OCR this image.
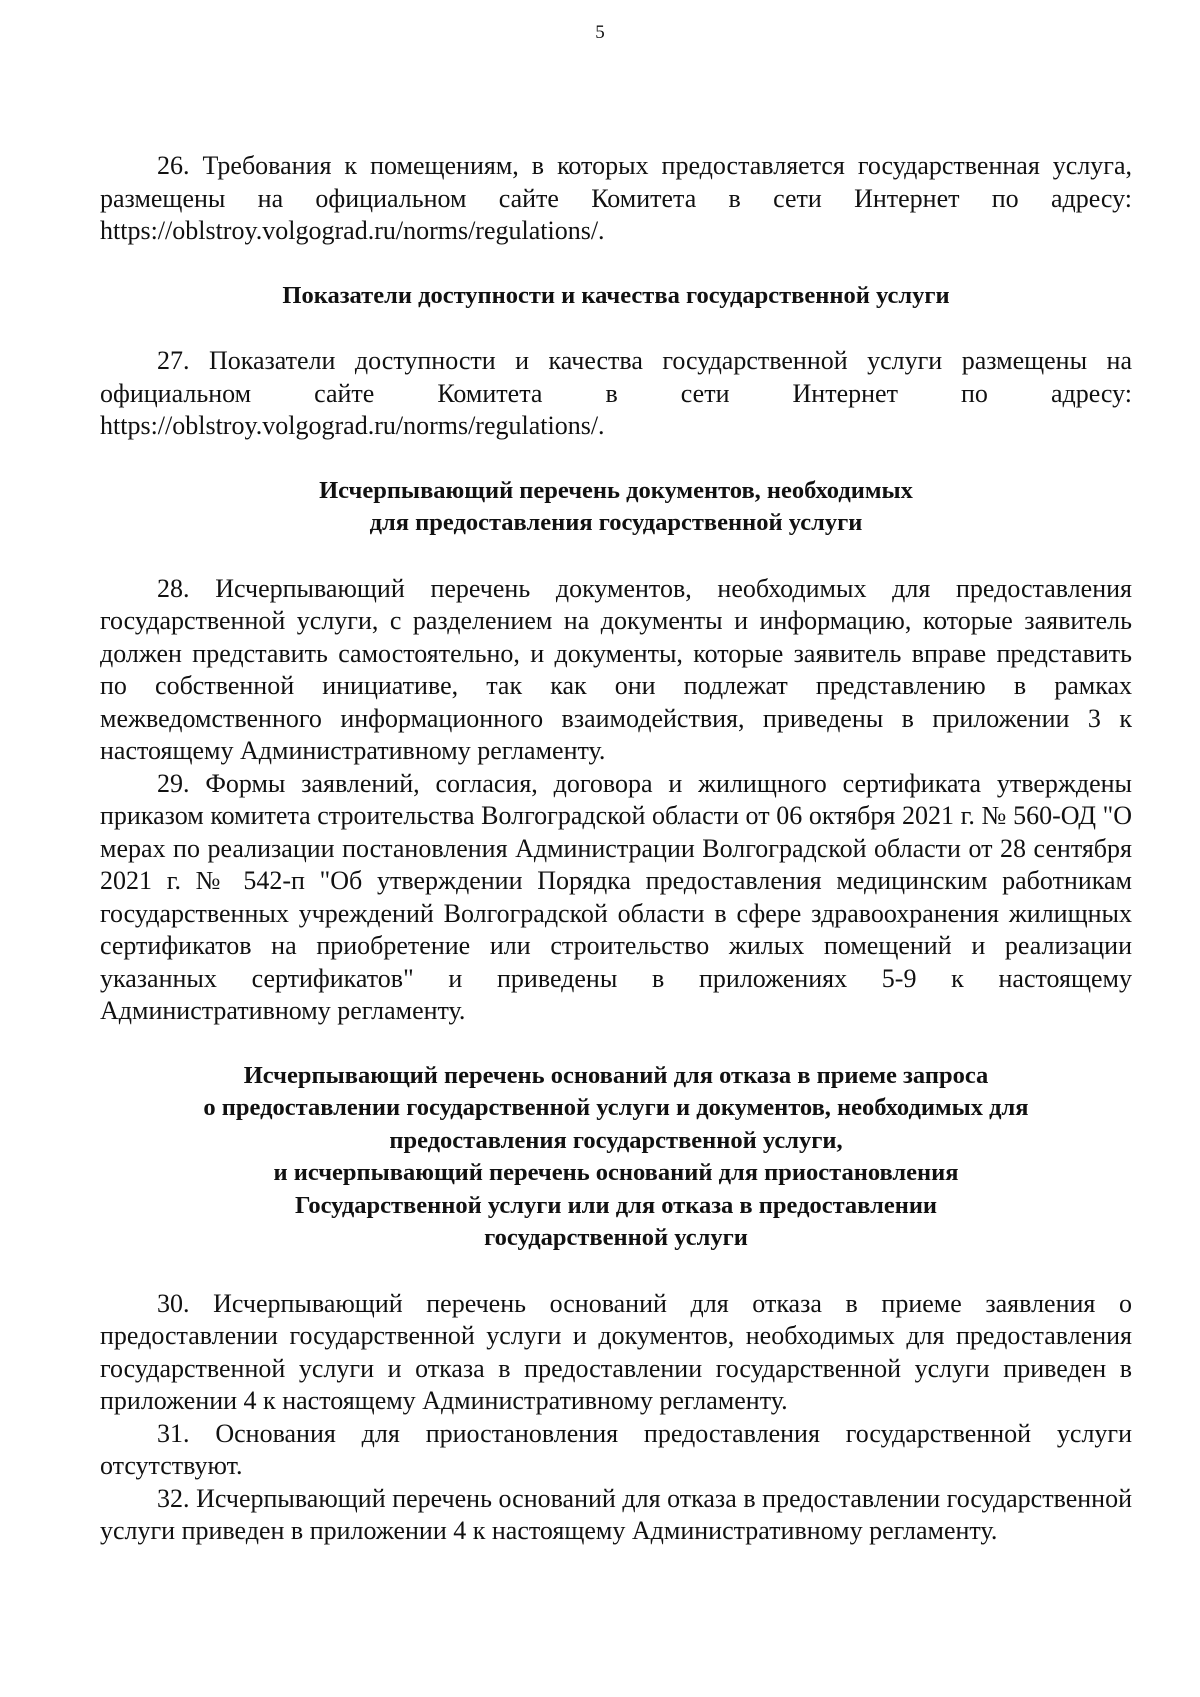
5

26. Требования к помещениям, в которых предоставляется государственная услуга, размещены на официальном сайте Комитета в сети Интернет по адресу: https://oblstroy.volgograd.ru/norms/regulations/.

Показатели доступности и качества государственной услуги

27. Показатели доступности и качества государственной услуги размещены на официальном сайте Комитета в сети Интернет по адресу: https://oblstroy.volgograd.ru/norms/regulations/.

Исчерпывающий перечень документов, необходимых
для предоставления государственной услуги

28. Исчерпывающий перечень документов, необходимых для предоставления государственной услуги, с разделением на документы и информацию, которые заявитель должен представить самостоятельно, и документы, которые заявитель вправе представить по собственной инициативе, так как они подлежат представлению в рамках межведомственного информационного взаимодействия, приведены в приложении 3 к настоящему Административному регламенту.

29. Формы заявлений, согласия, договора и жилищного сертификата утверждены приказом комитета строительства Волгоградской области от 06 октября 2021 г. № 560-ОД "О мерах по реализации постановления Администрации Волгоградской области от 28 сентября 2021 г. № 542-п "Об утверждении Порядка предоставления медицинским работникам государственных учреждений Волгоградской области в сфере здравоохранения жилищных сертификатов на приобретение или строительство жилых помещений и реализации указанных сертификатов" и приведены в приложениях 5-9 к настоящему Административному регламенту.

Исчерпывающий перечень оснований для отказа в приеме запроса
о предоставлении государственной услуги и документов, необходимых для
предоставления государственной услуги,
и исчерпывающий перечень оснований для приостановления
Государственной услуги или для отказа в предоставлении
государственной услуги

30. Исчерпывающий перечень оснований для отказа в приеме заявления о предоставлении государственной услуги и документов, необходимых для предоставления государственной услуги и отказа в предоставлении государственной услуги приведен в приложении 4 к настоящему Административному регламенту.

31. Основания для приостановления предоставления государственной услуги отсутствуют.

32. Исчерпывающий перечень оснований для отказа в предоставлении государственной услуги приведен в приложении 4 к настоящему Административному регламенту.
